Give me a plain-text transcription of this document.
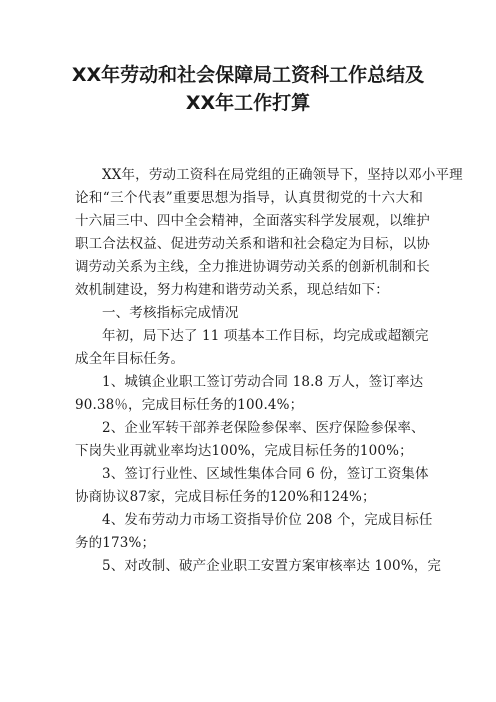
XX年劳动和社会保障局工资科工作总结及
XX年工作打算
XX年，劳动工资科在局党组的正确领导下，坚持以邓小平理
论和“三个代表”重要思想为指导，认真贯彻党的十六大和
十六届三中、四中全会精神，全面落实科学发展观，以维护
职工合法权益、促进劳动关系和谐和社会稳定为目标，以协
调劳动关系为主线，全力推进协调劳动关系的创新机制和长
效机制建设，努力构建和谐劳动关系，现总结如下：
一、考核指标完成情况
年初，局下达了 11 项基本工作目标，均完成或超额完
成全年目标任务。
1、城镇企业职工签订劳动合同 18.8 万人，签订率达
90.38％，完成目标任务的100.4%；
2、企业军转干部养老保险参保率、医疗保险参保率、
下岗失业再就业率均达100%，完成目标任务的100%；
3、签订行业性、区域性集体合同 6 份，签订工资集体
协商协议87家，完成目标任务的120%和124%；
4、发布劳动力市场工资指导价位 208 个，完成目标任
务的173%；
5、对改制、破产企业职工安置方案审核率达 100%，完
